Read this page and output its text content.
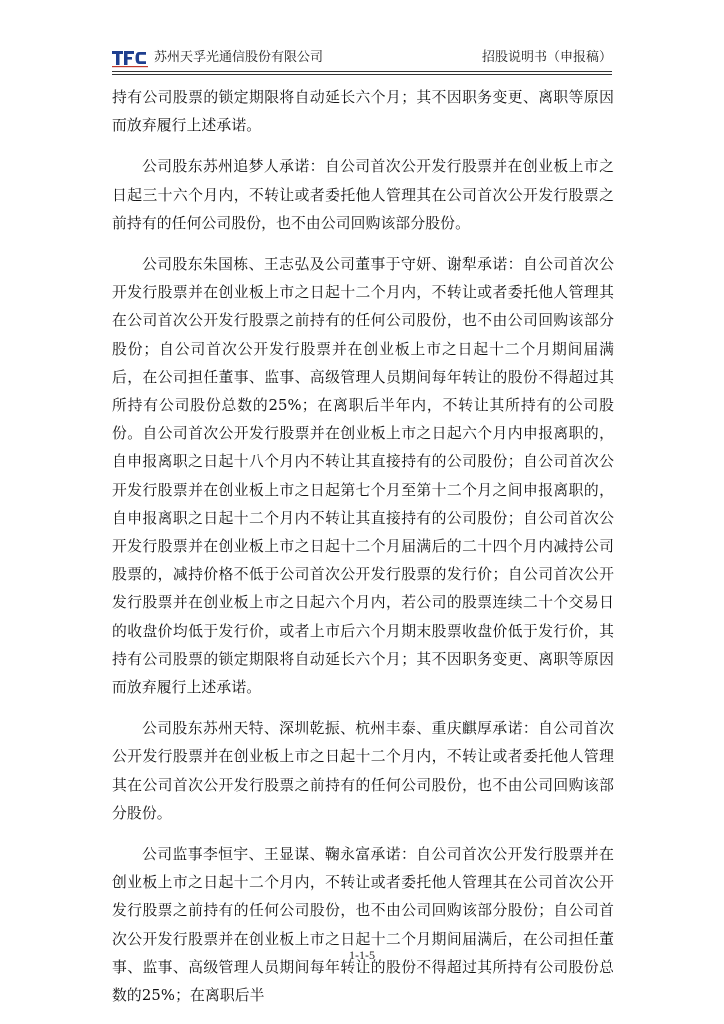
苏州天孚光通信股份有限公司	招股说明书（申报稿）

持有公司股票的锁定期限将自动延长六个月；其不因职务变更、离职等原因而放弃履行上述承诺。

公司股东苏州追梦人承诺：自公司首次公开发行股票并在创业板上市之日起三十六个月内，不转让或者委托他人管理其在公司首次公开发行股票之前持有的任何公司股份，也不由公司回购该部分股份。

公司股东朱国栋、王志弘及公司董事于守妍、谢犁承诺：自公司首次公开发行股票并在创业板上市之日起十二个月内，不转让或者委托他人管理其在公司首次公开发行股票之前持有的任何公司股份，也不由公司回购该部分股份；自公司首次公开发行股票并在创业板上市之日起十二个月期间届满后，在公司担任董事、监事、高级管理人员期间每年转让的股份不得超过其所持有公司股份总数的25%；在离职后半年内，不转让其所持有的公司股份。自公司首次公开发行股票并在创业板上市之日起六个月内申报离职的，自申报离职之日起十八个月内不转让其直接持有的公司股份；自公司首次公开发行股票并在创业板上市之日起第七个月至第十二个月之间申报离职的，自申报离职之日起十二个月内不转让其直接持有的公司股份；自公司首次公开发行股票并在创业板上市之日起十二个月届满后的二十四个月内减持公司股票的，减持价格不低于公司首次公开发行股票的发行价；自公司首次公开发行股票并在创业板上市之日起六个月内，若公司的股票连续二十个交易日的收盘价均低于发行价，或者上市后六个月期末股票收盘价低于发行价，其持有公司股票的锁定期限将自动延长六个月；其不因职务变更、离职等原因而放弃履行上述承诺。

公司股东苏州天特、深圳乾振、杭州丰泰、重庆麒厚承诺：自公司首次公开发行股票并在创业板上市之日起十二个月内，不转让或者委托他人管理其在公司首次公开发行股票之前持有的任何公司股份，也不由公司回购该部分股份。

公司监事李恒宇、王显谋、鞠永富承诺：自公司首次公开发行股票并在创业板上市之日起十二个月内，不转让或者委托他人管理其在公司首次公开发行股票之前持有的任何公司股份，也不由公司回购该部分股份；自公司首次公开发行股票并在创业板上市之日起十二个月期间届满后，在公司担任董事、监事、高级管理人员期间每年转让的股份不得超过其所持有公司股份总数的25%；在离职后半

1-1-5
